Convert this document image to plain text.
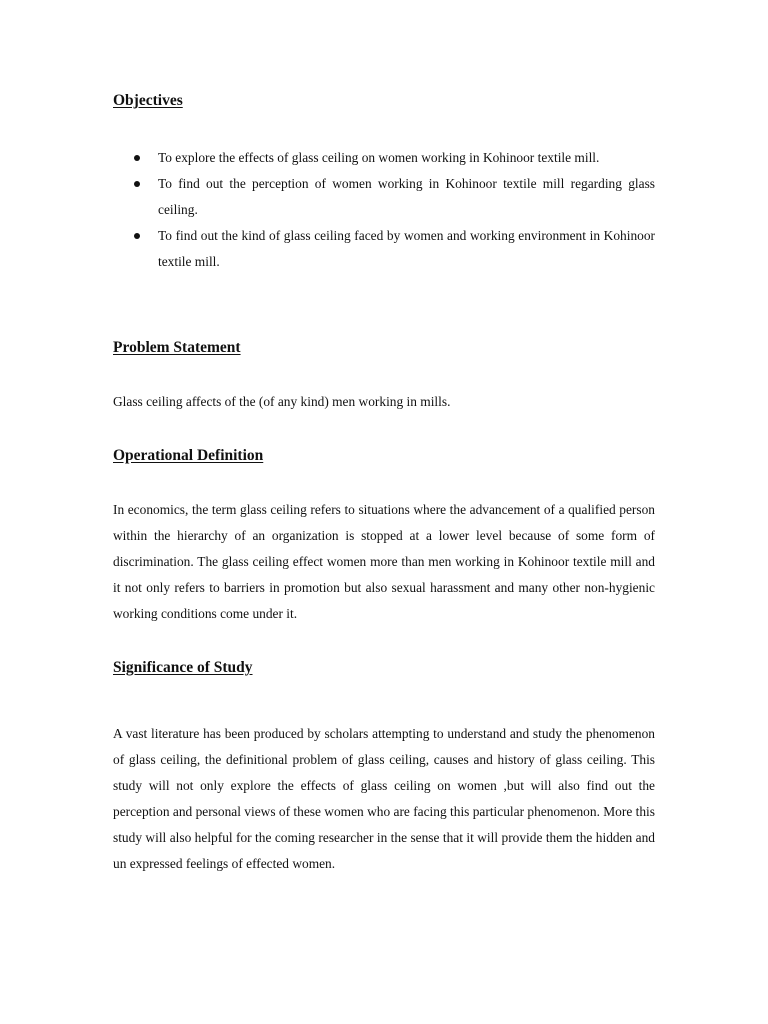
Objectives
To explore the effects of glass ceiling on women working in Kohinoor textile mill.
To find out the perception of women working in Kohinoor textile mill regarding glass ceiling.
To find out the kind of glass ceiling faced by women and working environment in Kohinoor textile mill.
Problem Statement

Glass ceiling affects of the (of any kind) men working in mills.

Operational Definition

In economics, the term glass ceiling refers to situations where the advancement of a qualified person within the hierarchy of an organization is stopped at a lower level because of some form of discrimination. The glass ceiling effect women more than men working in Kohinoor textile mill and it not only refers to barriers in promotion but also sexual harassment and many other non-hygienic working conditions come under it.

Significance of Study

A vast literature has been produced by scholars attempting to understand and study the phenomenon of glass ceiling, the definitional problem of glass ceiling, causes and history of glass ceiling. This study will not only explore the effects of glass ceiling on women ,but will also find out the perception and personal views of these women who are facing this particular phenomenon. More this study will also helpful for the coming researcher in the sense that it will provide them the hidden and un expressed feelings of effected women.
